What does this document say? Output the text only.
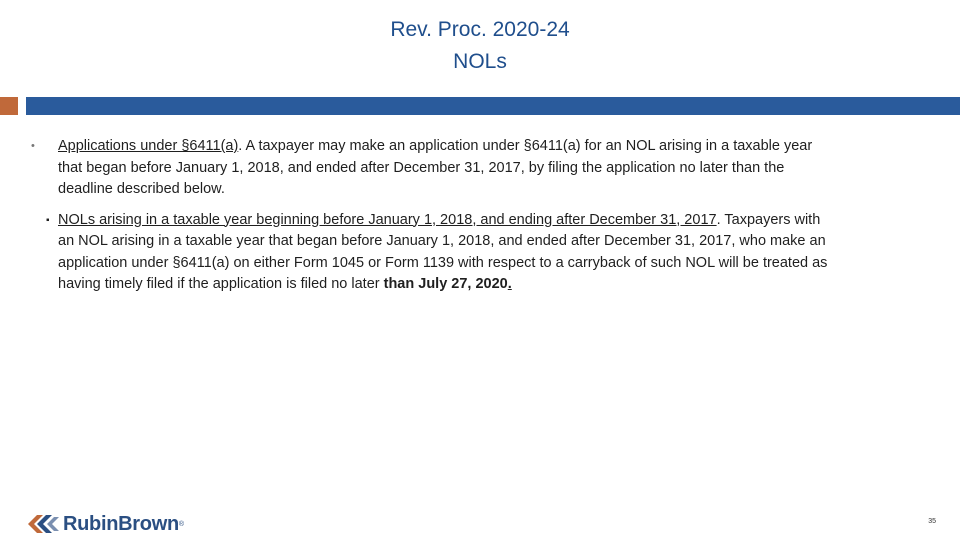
Rev. Proc. 2020-24
NOLs
• Applications under §6411(a). A taxpayer may make an application under §6411(a) for an NOL arising in a taxable year that began before January 1, 2018, and ended after December 31, 2017, by filing the application no later than the deadline described below.
▪ NOLs arising in a taxable year beginning before January 1, 2018, and ending after December 31, 2017. Taxpayers with an NOL arising in a taxable year that began before January 1, 2018, and ended after December 31, 2017, who make an application under §6411(a) on either Form 1045 or Form 1139 with respect to a carryback of such NOL will be treated as having timely filed if the application is filed no later than July 27, 2020.
RubinBrown ®	35
